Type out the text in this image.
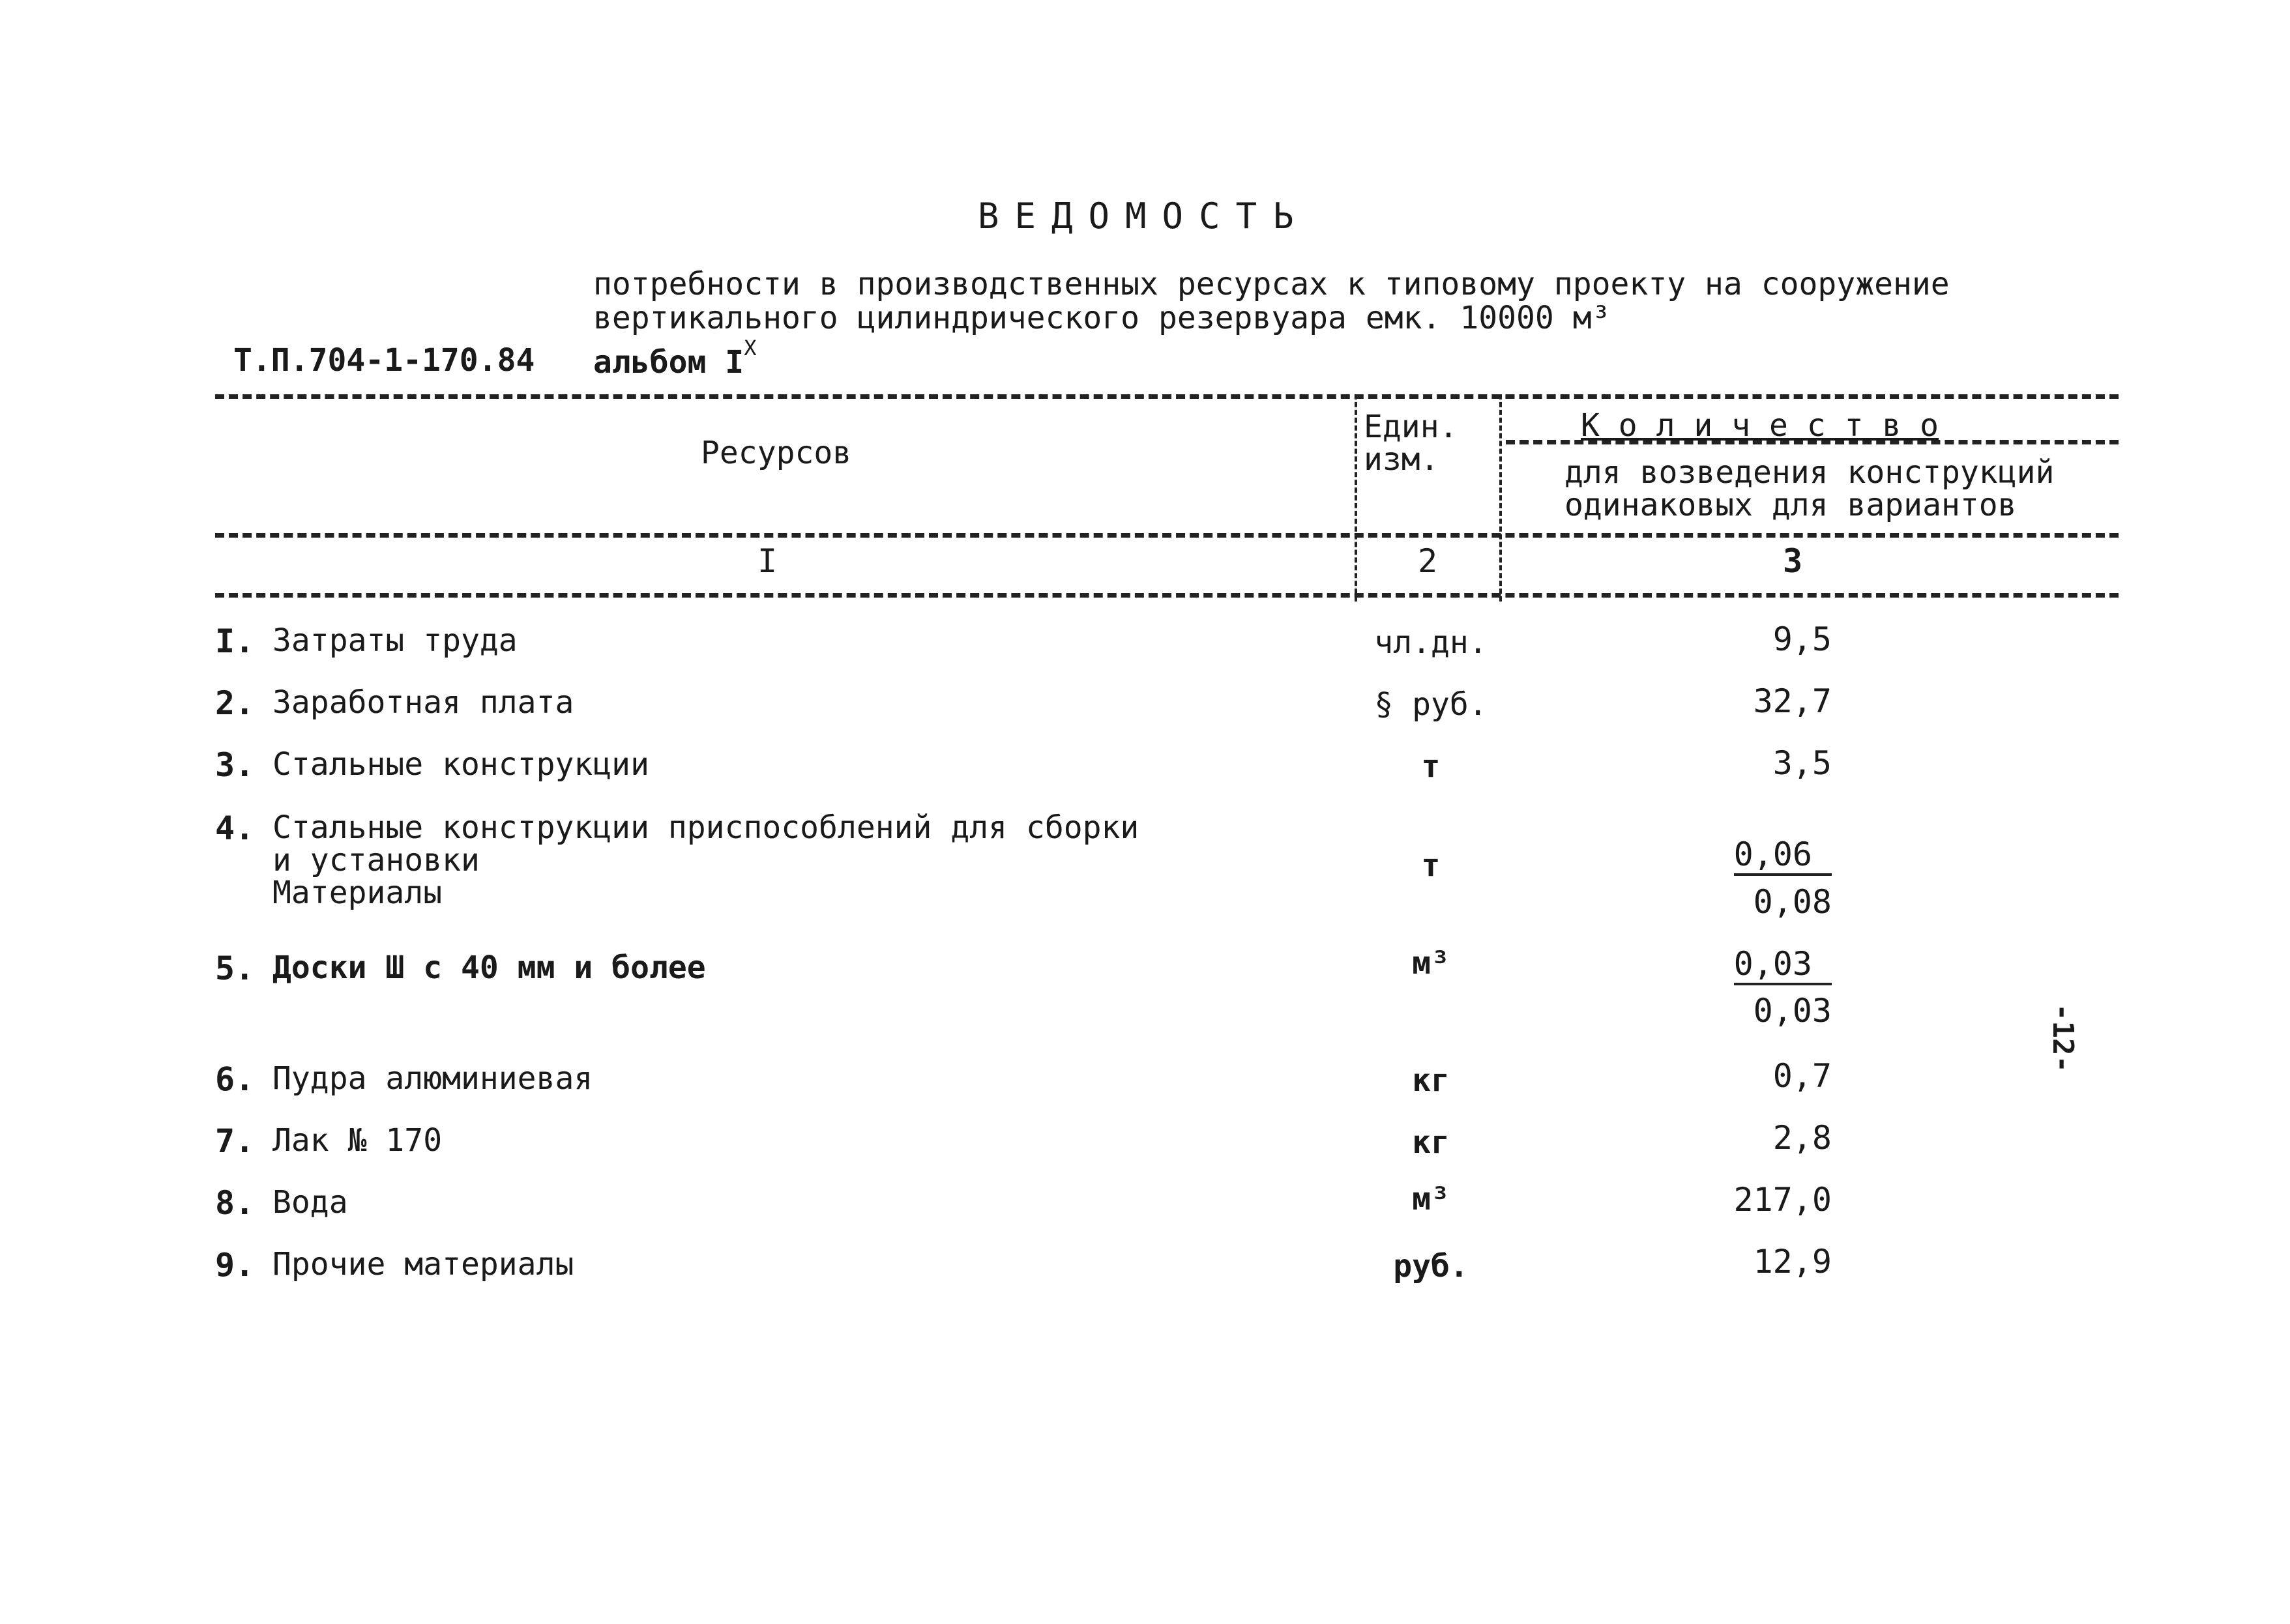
ВЕДОМОСТЬ
потребности в производственных ресурсах к типовому проекту на сооружение
вертикального цилиндрического резервуара емк. 10000 м³
Т.П.704-1-170.84 альбом $I^Х$
Ресурсов
Един.
изм.
К о л и ч е с т в о
для возведения конструкций
одинаковых для вариантов
I	2	3
I. Затраты труда	чл.дн.	9,5
2. Заработная плата	§ руб.	32,7
3. Стальные конструкции	т	3,5
4. Стальные конструкции приспособлений для сборки
и установки
Материалы
т	0,06
0,08
5. Доски Ш с 40 мм и более	м³	0,03
0,03
6. Пудра алюминиевая	кг	0,7
7. Лак № 170	кг	2,8
8. Вода	м³	217,0
9. Прочие материалы	руб.	12,9
-12-
